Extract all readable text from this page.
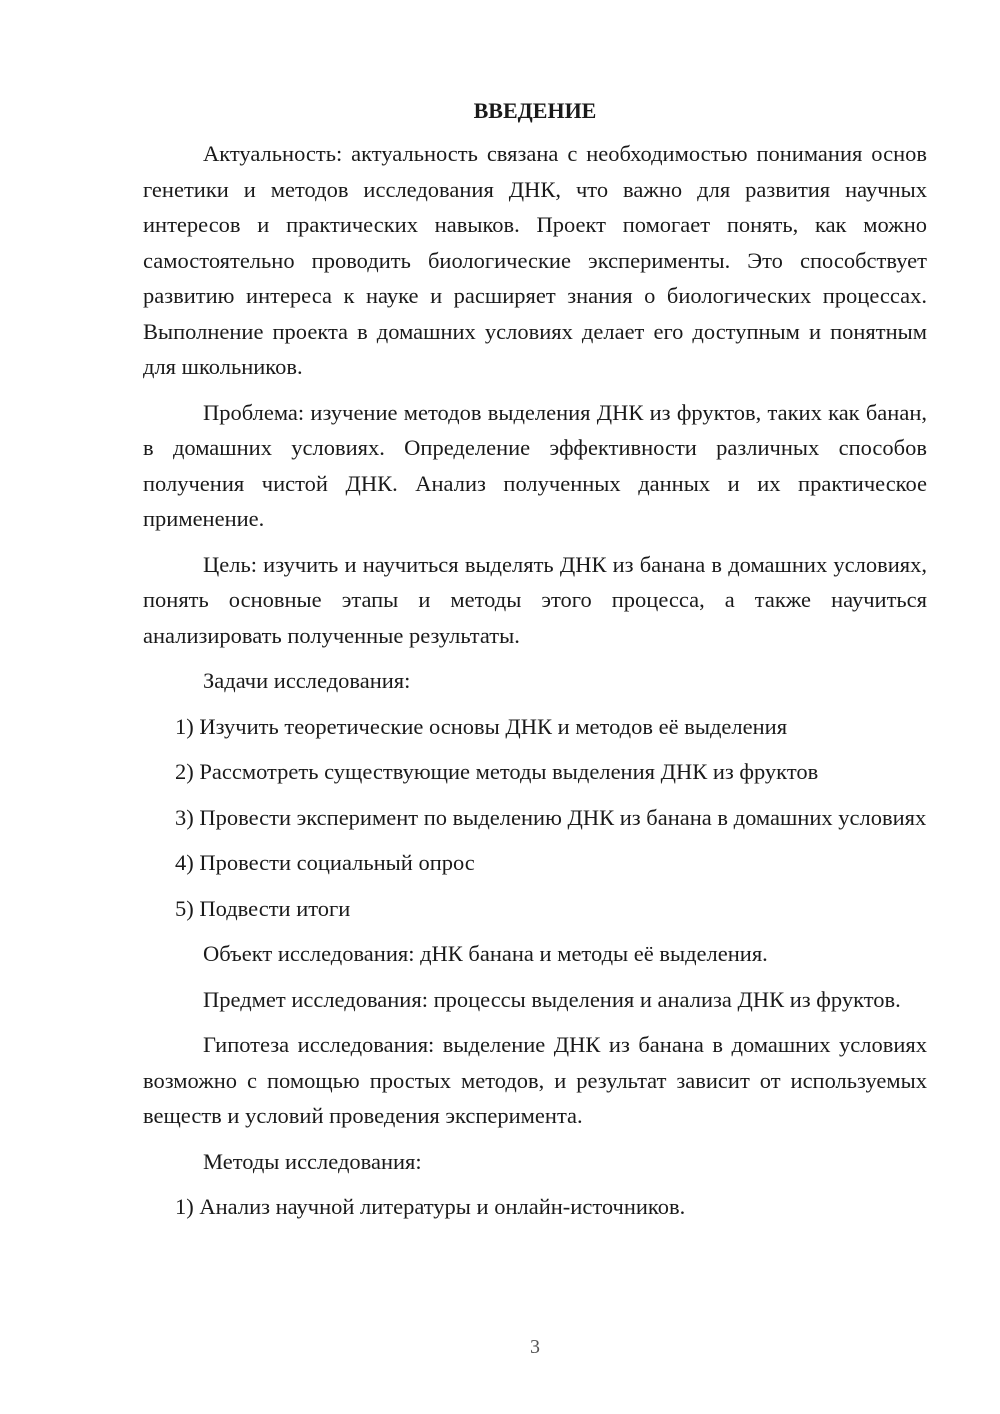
ВВЕДЕНИЕ

Актуальность: актуальность связана с необходимостью понимания основ генетики и методов исследования ДНК, что важно для развития научных интересов и практических навыков. Проект помогает понять, как можно самостоятельно проводить биологические эксперименты. Это способствует развитию интереса к науке и расширяет знания о биологических процессах. Выполнение проекта в домашних условиях делает его доступным и понятным для школьников.

Проблема: изучение методов выделения ДНК из фруктов, таких как банан, в домашних условиях. Определение эффективности различных способов получения чистой ДНК. Анализ полученных данных и их практическое применение.

Цель: изучить и научиться выделять ДНК из банана в домашних условиях, понять основные этапы и методы этого процесса, а также научиться анализировать полученные результаты.

Задачи исследования:
1) Изучить теоретические основы ДНК и методов её выделения
2) Рассмотреть существующие методы выделения ДНК из фруктов
3) Провести эксперимент по выделению ДНК из банана в домашних условиях
4) Провести социальный опрос
5) Подвести итоги
Объект исследования: дНК банана и методы её выделения.

Предмет исследования: процессы выделения и анализа ДНК из фруктов.

Гипотеза исследования: выделение ДНК из банана в домашних условиях возможно с помощью простых методов, и результат зависит от используемых веществ и условий проведения эксперимента.

Методы исследования:
1) Анализ научной литературы и онлайн-источников.
3
